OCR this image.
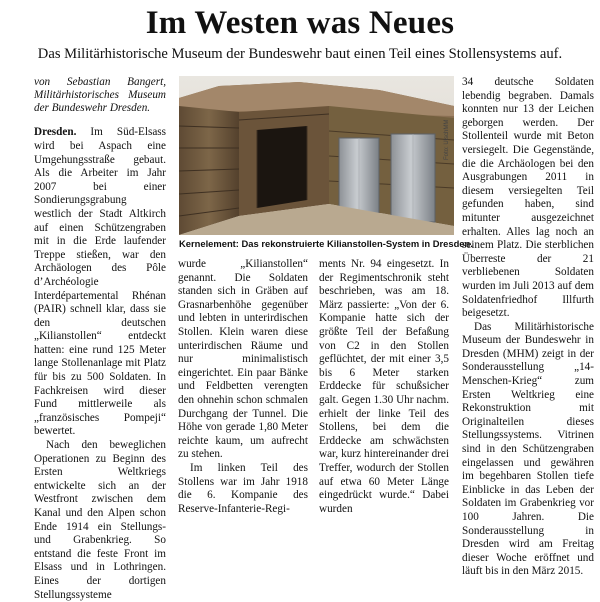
Im Westen was Neues
Das Militärhistorische Museum der Bundeswehr baut einen Teil eines Stollensystems auf.

von Sebastian Bangert, Militärhistorisches Museum der Bundeswehr Dresden.

Dresden. Im Süd-Elsass wird bei Aspach eine Umgehungsstraße gebaut. Als die Arbeiter im Jahr 2007 bei einer Sondierungsgrabung westlich der Stadt Altkirch auf einen Schützengraben mit in die Erde laufender Treppe stießen, war den Archäologen des Pôle d’Archéologie Interdépartemental Rhénan (PAIR) schnell klar, dass sie den deutschen „Kilianstollen“ entdeckt hatten: eine rund 125 Meter lange Stollenanlage mit Platz für bis zu 500 Soldaten. In Fachkreisen wird dieser Fund mittlerweile als „französisches Pompeji“ bewertet.

Nach den beweglichen Operationen zu Beginn des Ersten Weltkriegs entwickelte sich an der Westfront zwischen dem Kanal und den Alpen schon Ende 1914 ein Stellungs- und Grabenkrieg. So entstand die feste Front im Elsass und in Lothringen. Eines der dortigen Stellungssysteme

Foto: UlschMM
Kernelement: Das rekonstruierte Kilianstollen-System in Dresden.

wurde „Kilianstollen“ genannt. Die Soldaten standen sich in Gräben auf Grasnarbenhöhe gegenüber und lebten in unterirdischen Stollen. Klein waren diese unterirdischen Räume und nur minimalistisch eingerichtet. Ein paar Bänke und Feldbetten verengten den ohnehin schon schmalen Durchgang der Tunnel. Die Höhe von gerade 1,80 Meter reichte kaum, um aufrecht zu stehen.

Im linken Teil des Stollens war im Jahr 1918 die 6. Kompanie des Reserve-Infanterie-Regi-

ments Nr. 94 eingesetzt. In der Regimentschronik steht beschrieben, was am 18. März passierte: „Von der 6. Kompanie hatte sich der größte Teil der Befaßung von C2 in den Stollen geflüchtet, der mit einer 3,5 bis 6 Meter starken Erddecke für schußsicher galt. Gegen 1.30 Uhr nachm. erhielt der linke Teil des Stollens, bei dem die Erddecke am schwächsten war, kurz hintereinander drei Treffer, wodurch der Stollen auf etwa 60 Meter Länge eingedrückt wurde.“ Dabei wurden

34 deutsche Soldaten lebendig begraben. Damals konnten nur 13 der Leichen geborgen werden. Der Stollenteil wurde mit Beton versiegelt. Die Gegenstände, die die Archäologen bei den Ausgrabungen 2011 in diesem versiegelten Teil gefunden haben, sind mitunter ausgezeichnet erhalten. Alles lag noch an seinem Platz. Die sterblichen Überreste der 21 verbliebenen Soldaten wurden im Juli 2013 auf dem Soldatenfriedhof Illfurth beigesetzt.

Das Militärhistorische Museum der Bundeswehr in Dresden (MHM) zeigt in der Sonderausstellung „14-Menschen-Krieg“ zum Ersten Weltkrieg eine Rekonstruktion mit Originalteilen dieses Stellungssystems. Vitrinen sind in den Schützengraben eingelassen und gewähren im begehbaren Stollen tiefe Einblicke in das Leben der Soldaten im Grabenkrieg vor 100 Jahren. Die Sonderausstellung in Dresden wird am Freitag dieser Woche eröffnet und läuft bis in den März 2015.
